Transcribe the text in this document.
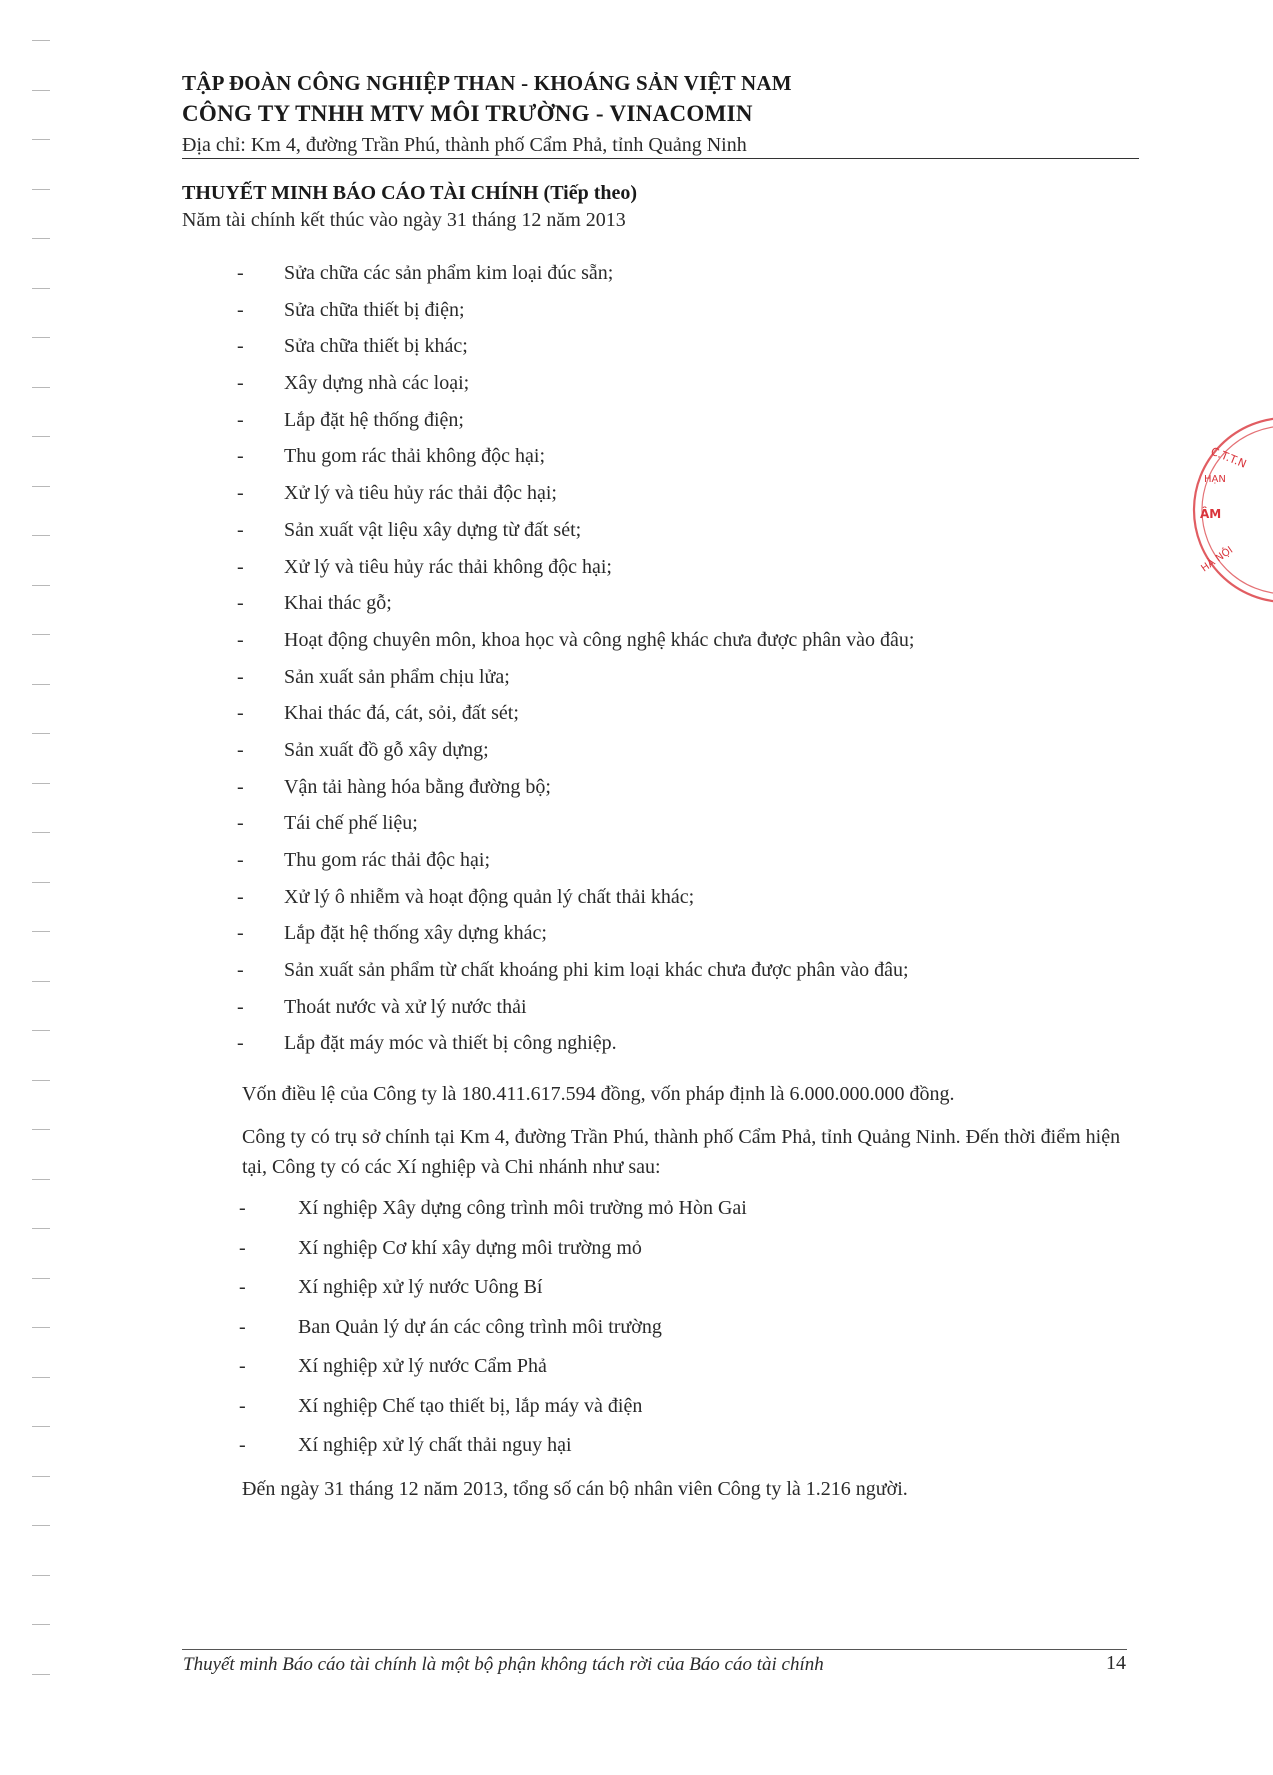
TẬP ĐOÀN CÔNG NGHIỆP THAN - KHOÁNG SẢN VIỆT NAM
CÔNG TY TNHH MTV MÔI TRƯỜNG - VINACOMIN
Địa chỉ: Km 4, đường Trần Phú, thành phố Cẩm Phả, tỉnh Quảng Ninh
THUYẾT MINH BÁO CÁO TÀI CHÍNH (Tiếp theo)
Năm tài chính kết thúc vào ngày 31 tháng 12 năm 2013
-	Sửa chữa các sản phẩm kim loại đúc sẵn;
-	Sửa chữa thiết bị điện;
-	Sửa chữa thiết bị khác;
-	Xây dựng nhà các loại;
-	Lắp đặt hệ thống điện;
-	Thu gom rác thải không độc hại;
-	Xử lý và tiêu hủy rác thải độc hại;
-	Sản xuất vật liệu xây dựng từ đất sét;
-	Xử lý và tiêu hủy rác thải không độc hại;
-	Khai thác gỗ;
-	Hoạt động chuyên môn, khoa học và công nghệ khác chưa được phân vào đâu;
-	Sản xuất sản phẩm chịu lửa;
-	Khai thác đá, cát, sỏi, đất sét;
-	Sản xuất đồ gỗ xây dựng;
-	Vận tải hàng hóa bằng đường bộ;
-	Tái chế phế liệu;
-	Thu gom rác thải độc hại;
-	Xử lý ô nhiễm và hoạt động quản lý chất thải khác;
-	Lắp đặt hệ thống xây dựng khác;
-	Sản xuất sản phẩm từ chất khoáng phi kim loại khác chưa được phân vào đâu;
-	Thoát nước và xử lý nước thải
-	Lắp đặt máy móc và thiết bị công nghiệp.
Vốn điều lệ của Công ty là 180.411.617.594 đồng, vốn pháp định là 6.000.000.000 đồng.
Công ty có trụ sở chính tại Km 4, đường Trần Phú, thành phố Cẩm Phả, tỉnh Quảng Ninh. Đến thời điểm hiện tại, Công ty có các Xí nghiệp và Chi nhánh như sau:
-	Xí nghiệp Xây dựng công trình môi trường mỏ Hòn Gai
-	Xí nghiệp Cơ khí xây dựng môi trường mỏ
-	Xí nghiệp xử lý nước Uông Bí
-	Ban Quản lý dự án các công trình môi trường
-	Xí nghiệp xử lý nước Cẩm Phả
-	Xí nghiệp Chế tạo thiết bị, lắp máy và điện
-	Xí nghiệp xử lý chất thải nguy hại
Đến ngày 31 tháng 12 năm 2013, tổng số cán bộ nhân viên Công ty là 1.216 người.
Thuyết minh Báo cáo tài chính là một bộ phận không tách rời của Báo cáo tài chính	14
C.T.T.N
HẠN
ÂM
HÀ NỘI
